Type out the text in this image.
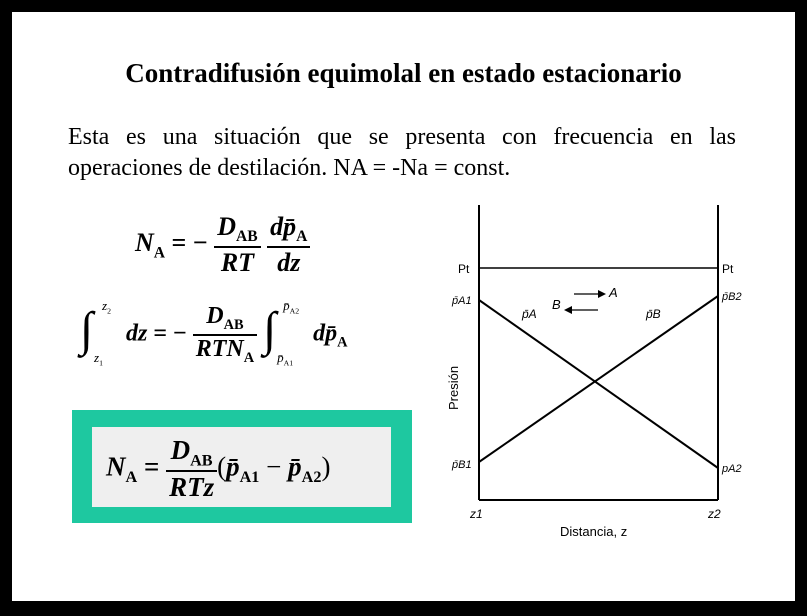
Contradifusión equimolal en estado estacionario
Esta es una situación que se presenta con frecuencia en las operaciones de destilación. NA = -Na = const.
$N_A$ = − $\frac{D_{AB}}{RT}$
$\frac{dp̄_A}{dz}$
∫ $z_2$
$z_1$
dz = − $\frac{D_{AB}}{RTN_A}$
∫ $p̄_{A2}$
$p̄_{A1}$
$dp̄_A$
$N_A = \frac{D_{AB}}{\text{RTz}}$ ($p̄_{A1}$ − $p̄_{A2}$)
A
B
Pt	Pt
p̄A1	p̄B2
p̄A	p̄B
p̄B1	pA2
Presión
Distancia, z
z1	z2
